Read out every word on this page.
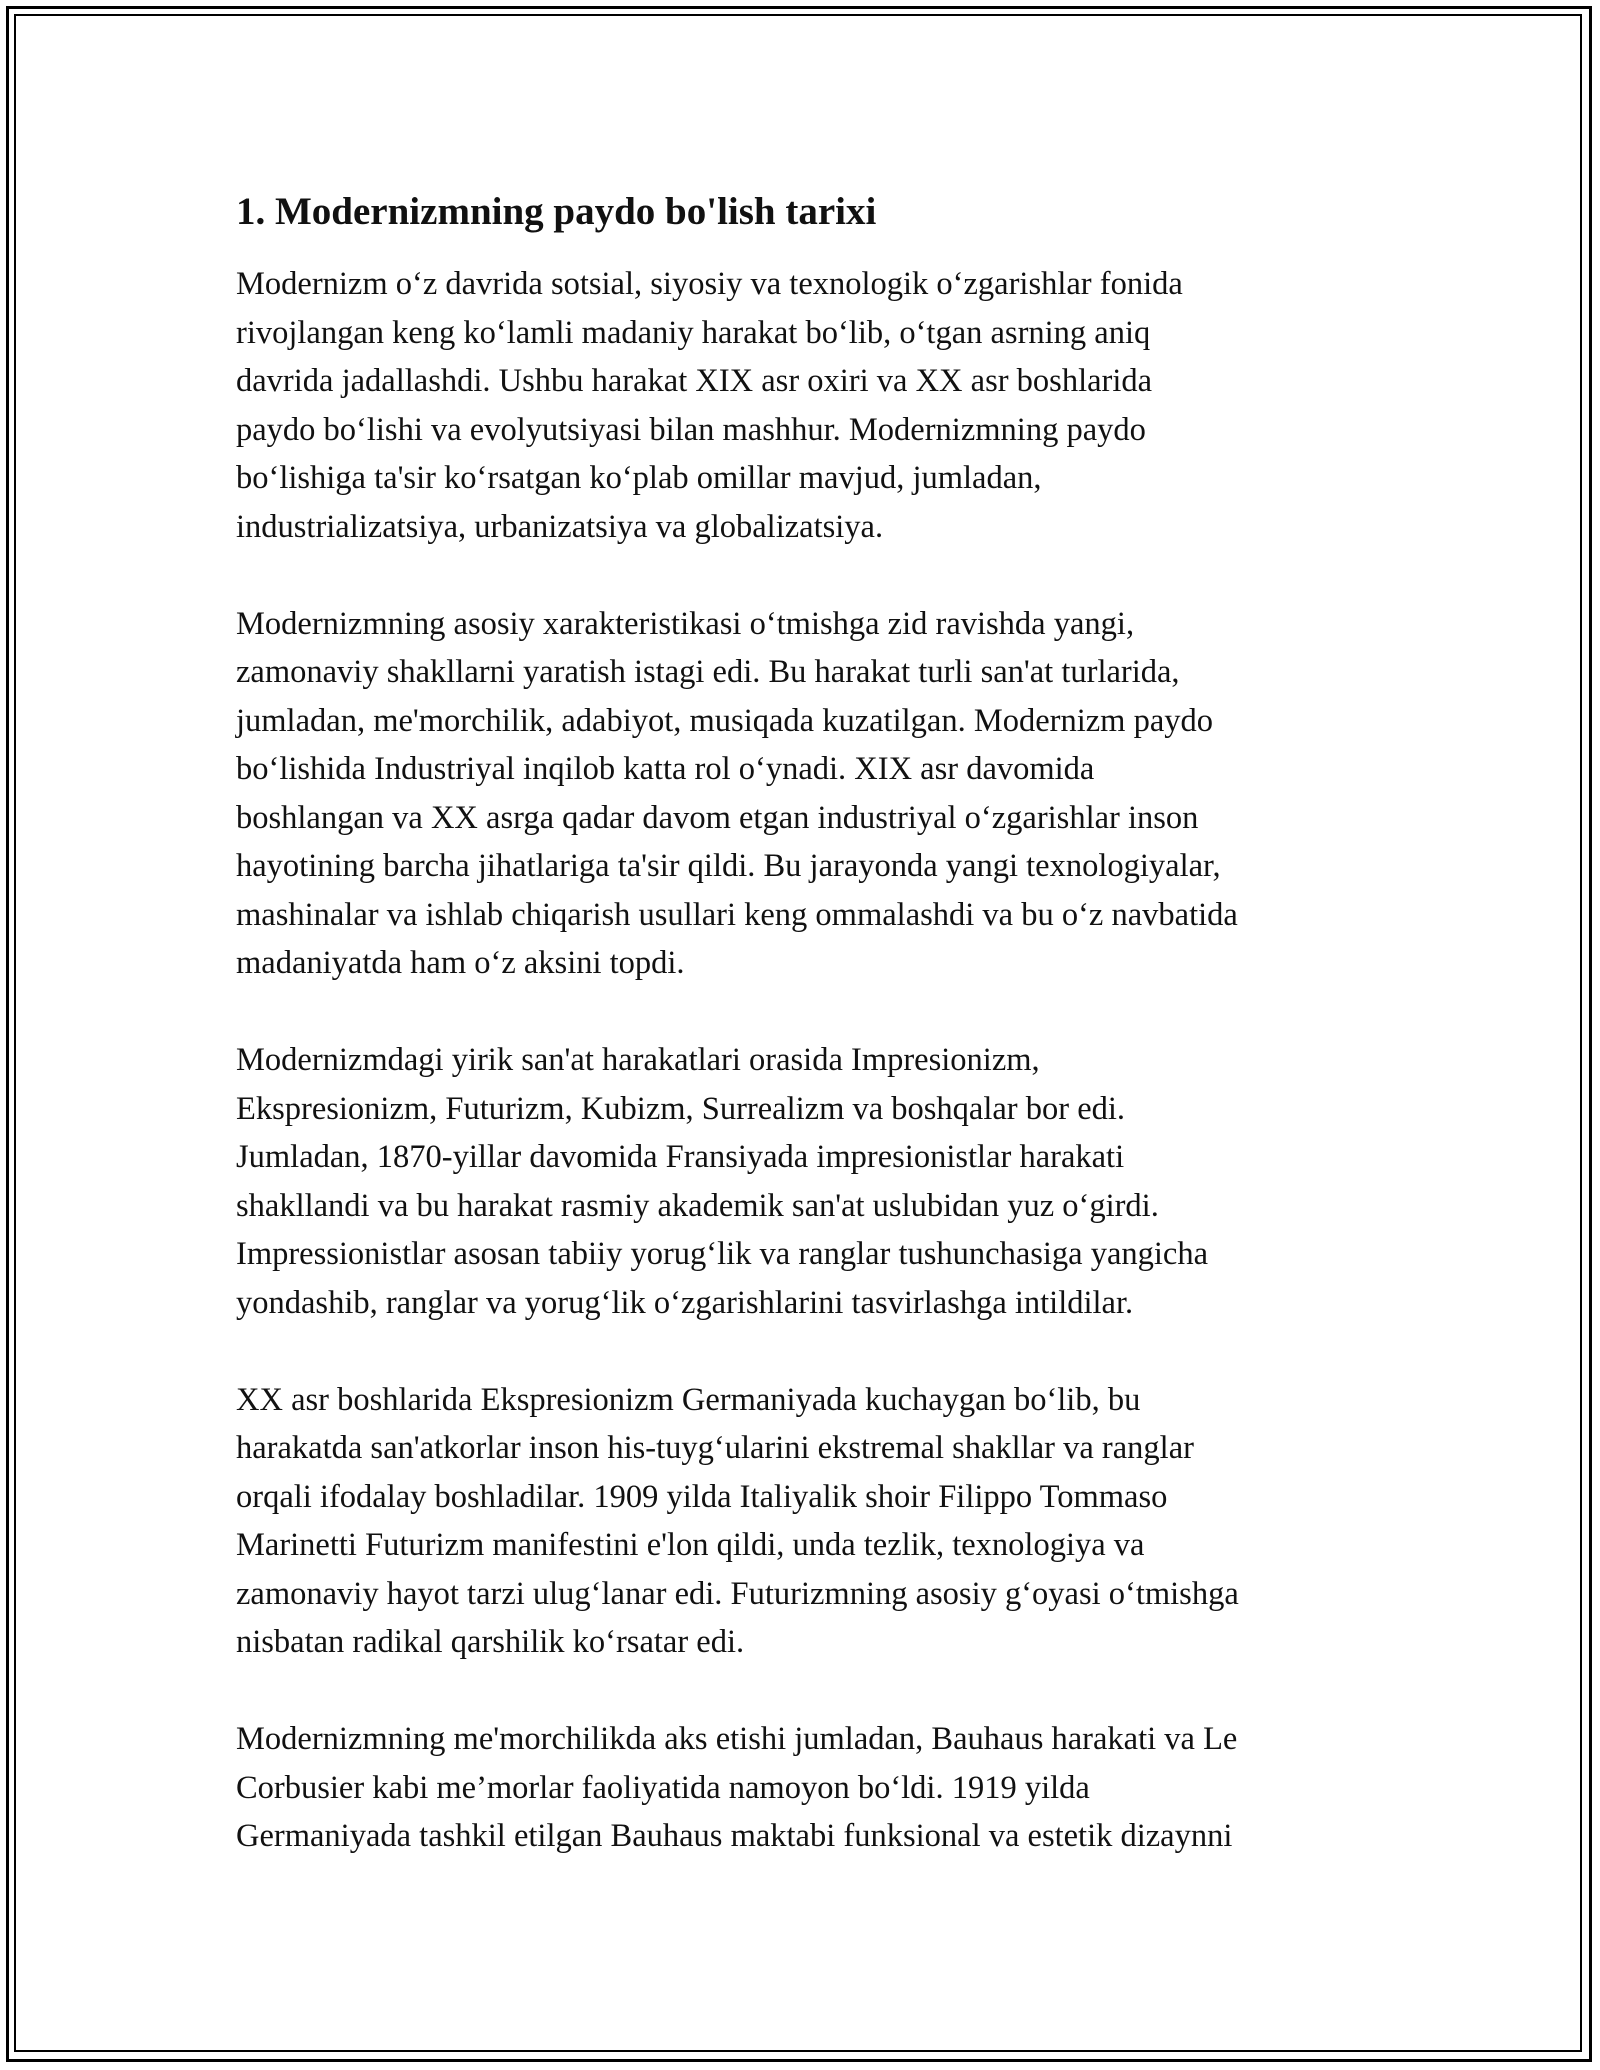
1. Modernizmning paydo bo'lish tarixi

Modernizm o‘z davrida sotsial, siyosiy va texnologik o‘zgarishlar fonida
rivojlangan keng ko‘lamli madaniy harakat bo‘lib, o‘tgan asrning aniq
davrida jadallashdi. Ushbu harakat XIX asr oxiri va XX asr boshlarida
paydo bo‘lishi va evolyutsiyasi bilan mashhur. Modernizmning paydo
bo‘lishiga ta'sir ko‘rsatgan ko‘plab omillar mavjud, jumladan,
industrializatsiya, urbanizatsiya va globalizatsiya.

Modernizmning asosiy xarakteristikasi o‘tmishga zid ravishda yangi,
zamonaviy shakllarni yaratish istagi edi. Bu harakat turli san'at turlarida,
jumladan, me'morchilik, adabiyot, musiqada kuzatilgan. Modernizm paydo
bo‘lishida Industriyal inqilob katta rol o‘ynadi. XIX asr davomida
boshlangan va XX asrga qadar davom etgan industriyal o‘zgarishlar inson
hayotining barcha jihatlariga ta'sir qildi. Bu jarayonda yangi texnologiyalar,
mashinalar va ishlab chiqarish usullari keng ommalashdi va bu o‘z navbatida
madaniyatda ham o‘z aksini topdi.

Modernizmdagi yirik san'at harakatlari orasida Impresionizm,
Ekspresionizm, Futurizm, Kubizm, Surrealizm va boshqalar bor edi.
Jumladan, 1870-yillar davomida Fransiyada impresionistlar harakati
shakllandi va bu harakat rasmiy akademik san'at uslubidan yuz o‘girdi.
Impressionistlar asosan tabiiy yorug‘lik va ranglar tushunchasiga yangicha
yondashib, ranglar va yorug‘lik o‘zgarishlarini tasvirlashga intildilar.

XX asr boshlarida Ekspresionizm Germaniyada kuchaygan bo‘lib, bu
harakatda san'atkorlar inson his-tuyg‘ularini ekstremal shakllar va ranglar
orqali ifodalay boshladilar. 1909 yilda Italiyalik shoir Filippo Tommaso
Marinetti Futurizm manifestini e'lon qildi, unda tezlik, texnologiya va
zamonaviy hayot tarzi ulug‘lanar edi. Futurizmning asosiy g‘oyasi o‘tmishga
nisbatan radikal qarshilik ko‘rsatar edi.

Modernizmning me'morchilikda aks etishi jumladan, Bauhaus harakati va Le
Corbusier kabi me’morlar faoliyatida namoyon bo‘ldi. 1919 yilda
Germaniyada tashkil etilgan Bauhaus maktabi funksional va estetik dizaynni
